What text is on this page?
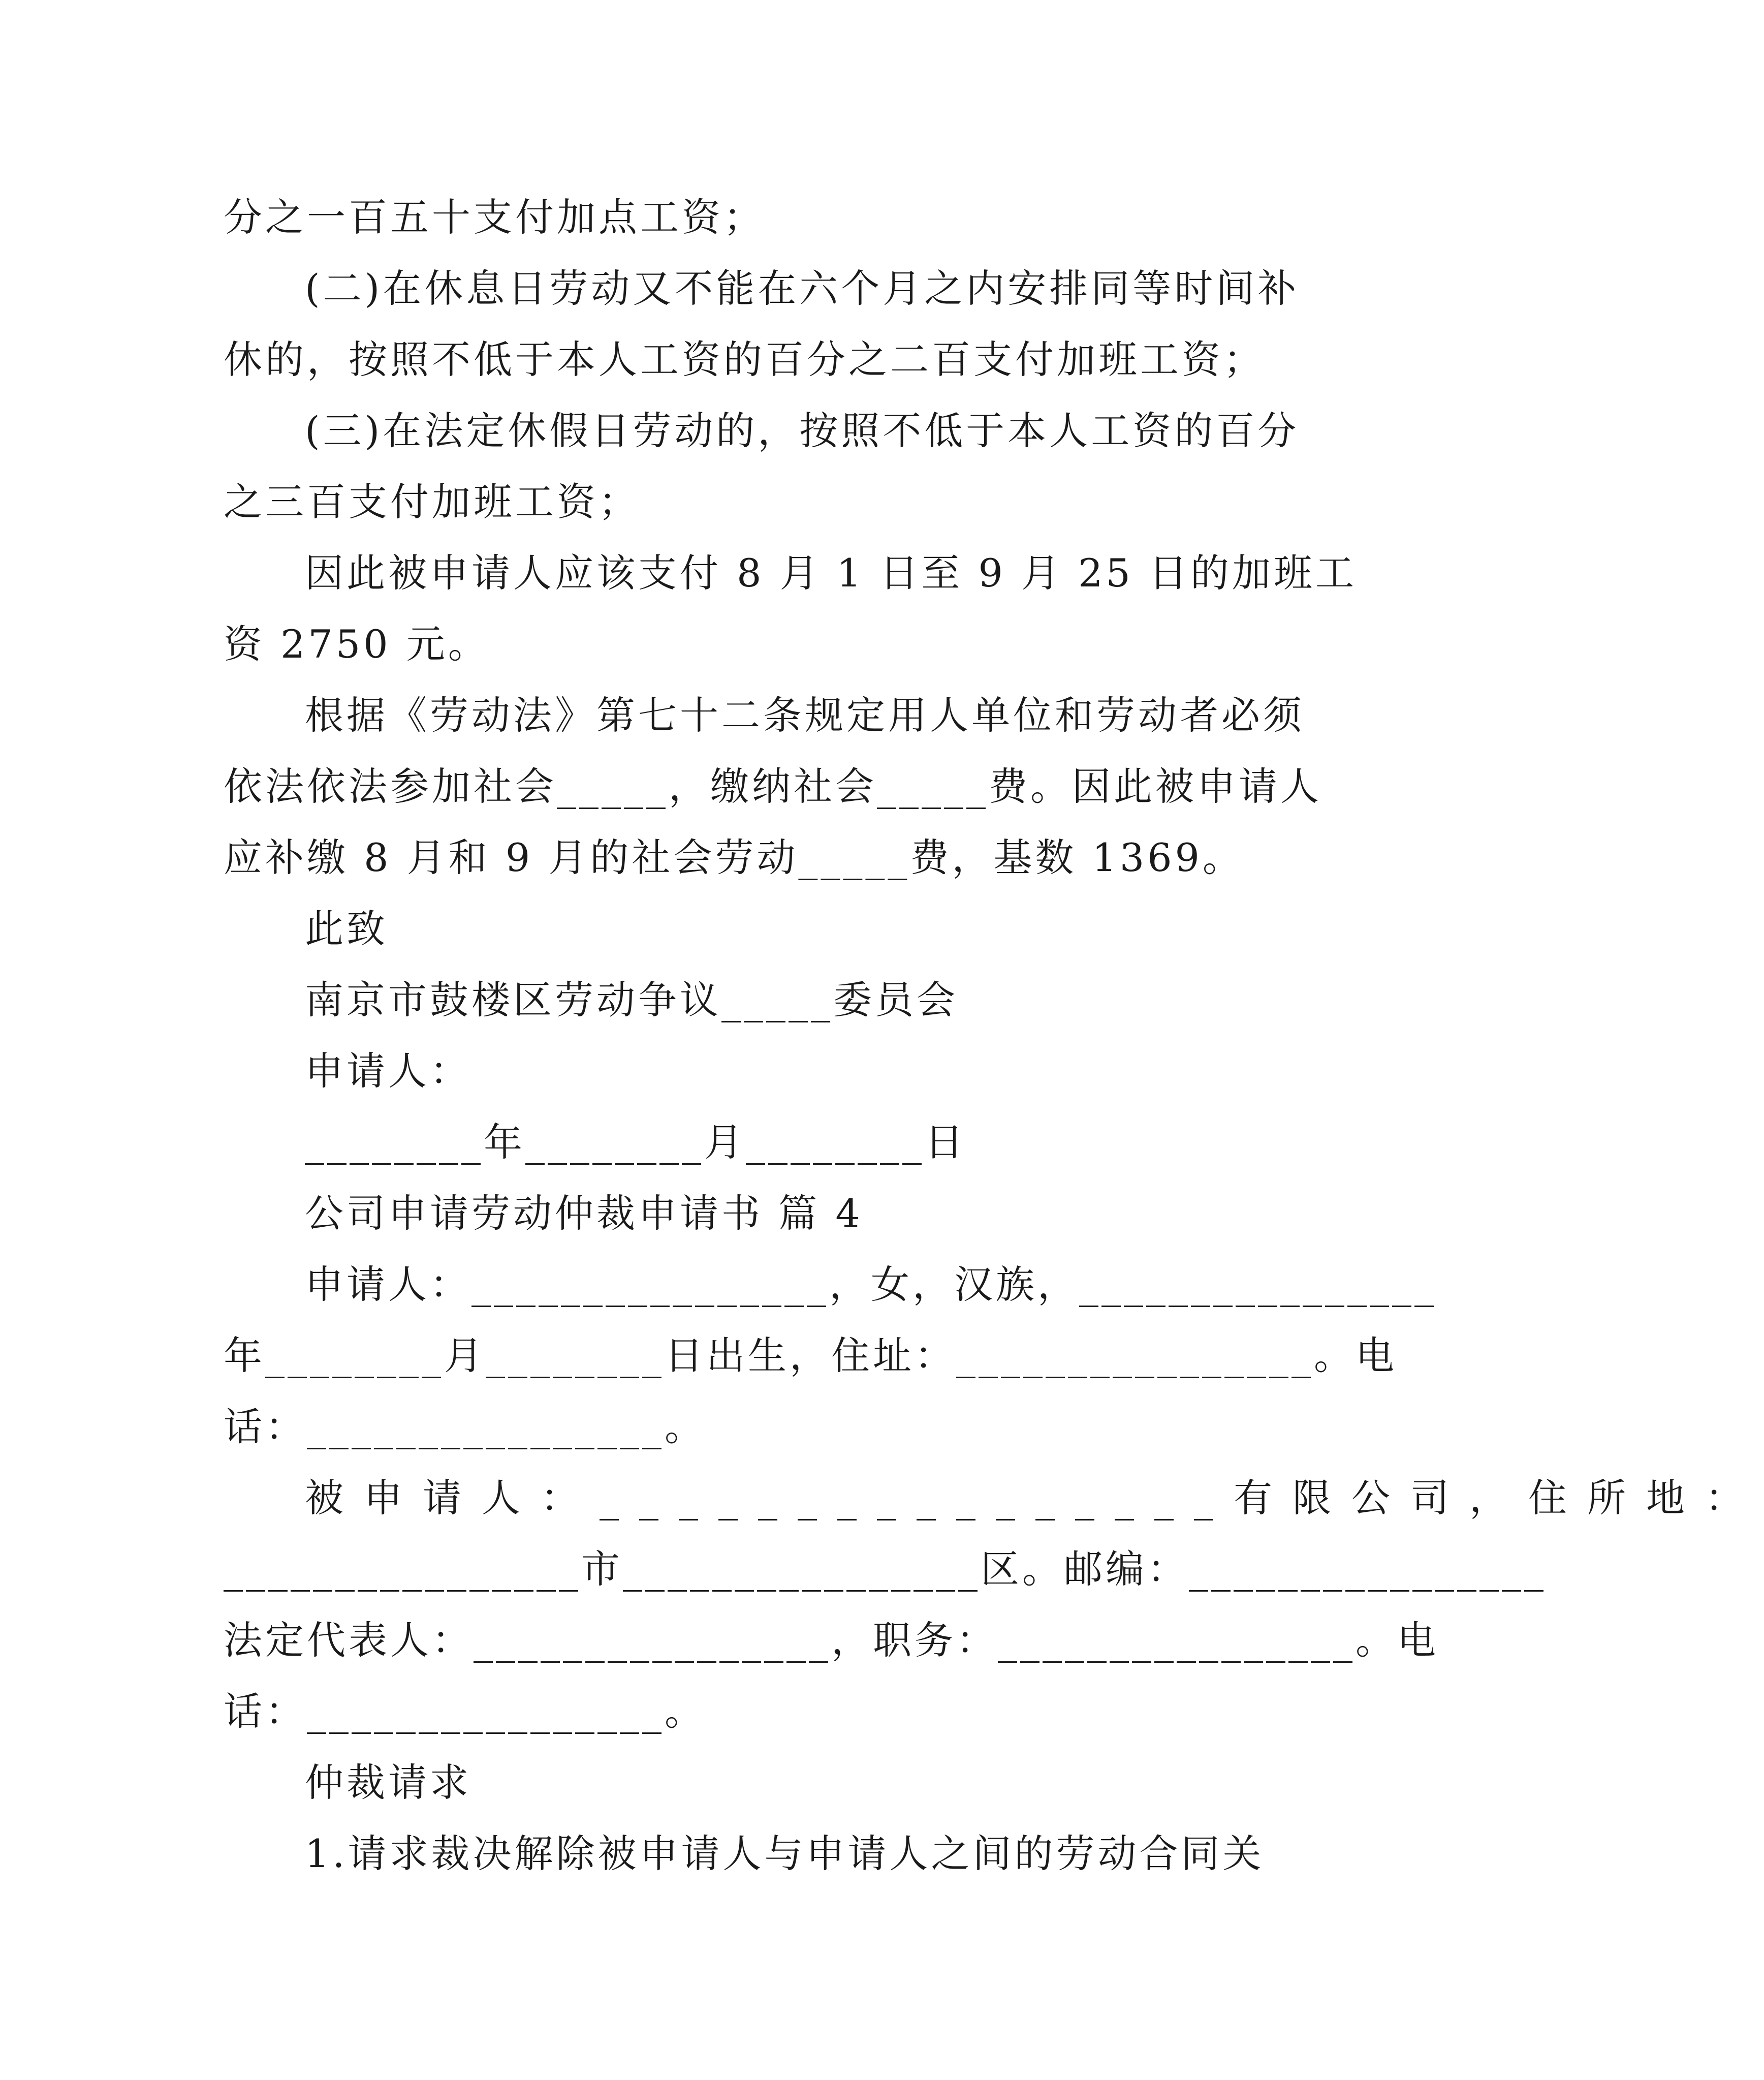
分之一百五十支付加点工资；
(二)在休息日劳动又不能在六个月之内安排同等时间补
休的，按照不低于本人工资的百分之二百支付加班工资；
(三)在法定休假日劳动的，按照不低于本人工资的百分
之三百支付加班工资；
因此被申请人应该支付 8 月 1 日至 9 月 25 日的加班工
资 2750 元。
根据《劳动法》第七十二条规定用人单位和劳动者必须
依法依法参加社会_____，缴纳社会_____费。因此被申请人
应补缴 8 月和 9 月的社会劳动_____费，基数 1369。
此致
南京市鼓楼区劳动争议_____委员会
申请人：
________年________月________日
公司申请劳动仲裁申请书 篇 4
申请人：________________，女，汉族，________________
年________月________日出生，住址：________________。电
话：________________。
被申请人：________________有限公司，住所地：
________________市________________区。邮编：________________
法定代表人：________________，职务：________________。电
话：________________。
仲裁请求
1.请求裁决解除被申请人与申请人之间的劳动合同关
